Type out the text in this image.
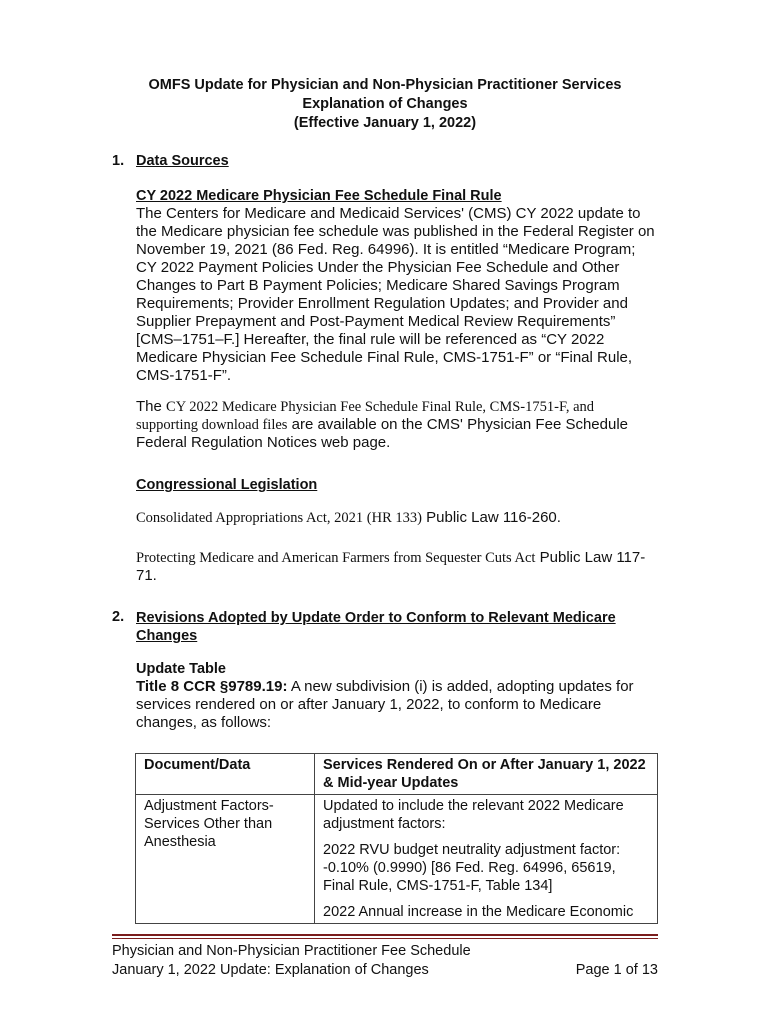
OMFS Update for Physician and Non-Physician Practitioner Services
Explanation of Changes
(Effective January 1, 2022)
1. Data Sources
CY 2022 Medicare Physician Fee Schedule Final Rule
The Centers for Medicare and Medicaid Services' (CMS) CY 2022 update to the Medicare physician fee schedule was published in the Federal Register on November 19, 2021 (86 Fed. Reg. 64996). It is entitled “Medicare Program; CY 2022 Payment Policies Under the Physician Fee Schedule and Other Changes to Part B Payment Policies; Medicare Shared Savings Program Requirements; Provider Enrollment Regulation Updates; and Provider and Supplier Prepayment and Post-Payment Medical Review Requirements” [CMS–1751–F.] Hereafter, the final rule will be referenced as “CY 2022 Medicare Physician Fee Schedule Final Rule, CMS-1751-F” or “Final Rule, CMS-1751-F”.
The CY 2022 Medicare Physician Fee Schedule Final Rule, CMS-1751-F, and supporting download files are available on the CMS' Physician Fee Schedule Federal Regulation Notices web page.
Congressional Legislation
Consolidated Appropriations Act, 2021 (HR 133) Public Law 116-260.
Protecting Medicare and American Farmers from Sequester Cuts Act Public Law 117-71.
2. Revisions Adopted by Update Order to Conform to Relevant Medicare Changes
Update Table
Title 8 CCR §9789.19: A new subdivision (i) is added, adopting updates for services rendered on or after January 1, 2022, to conform to Medicare changes, as follows:
Document/Data	Services Rendered On or After January 1, 2022 & Mid-year Updates
Adjustment Factors-Services Other than Anesthesia	Updated to include the relevant 2022 Medicare adjustment factors:

2022 RVU budget neutrality adjustment factor: -0.10% (0.9990) [86 Fed. Reg. 64996, 65619, Final Rule, CMS-1751-F, Table 134]

2022 Annual increase in the Medicare Economic

Physician and Non-Physician Practitioner Fee Schedule
January 1, 2022 Update: Explanation of Changes	Page 1 of 13
